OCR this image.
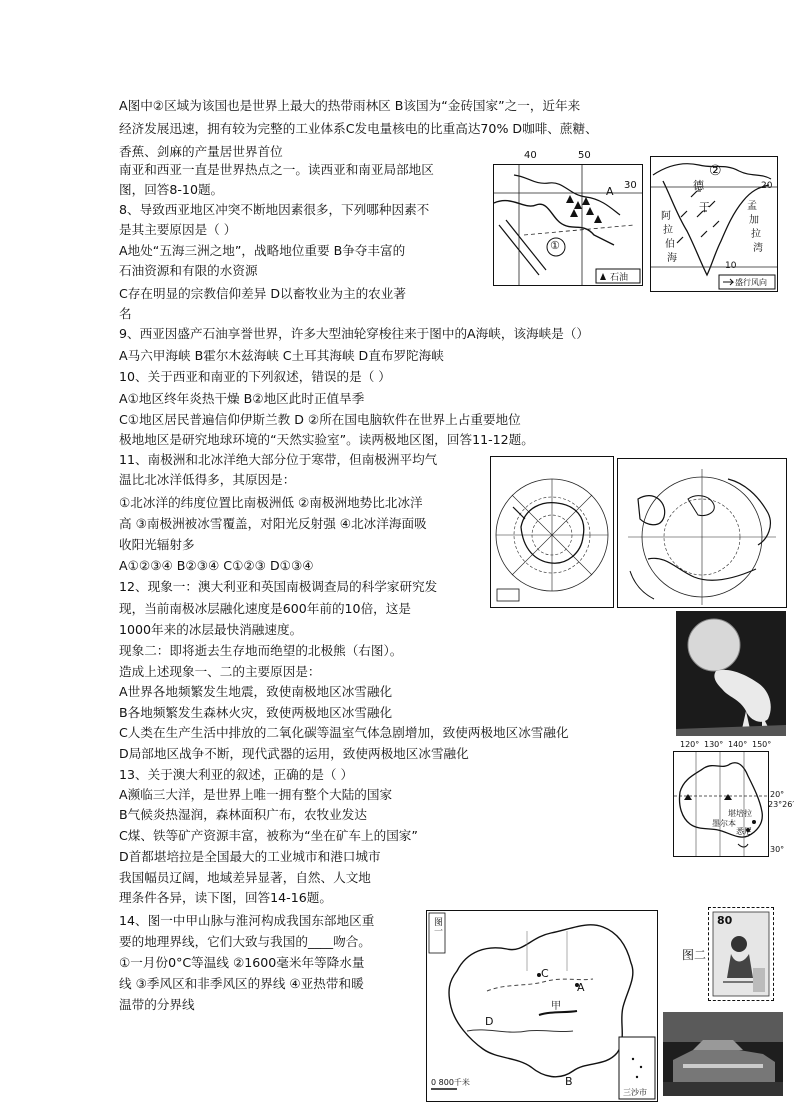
A图中②区域为该国也是世界上最大的热带雨林区 B该国为“金砖国家”之一，近年来
经济发展迅速，拥有较为完整的工业体系C发电量核电的比重高达70% D咖啡、蔗糖、
香蕉、剑麻的产量居世界首位
南亚和西亚一直是世界热点之一。读西亚和南亚局部地区
图，回答8-10题。
8、导致西亚地区冲突不断地因素很多，下列哪种因素不
是其主要原因是（ ）
A地处“五海三洲之地”，战略地位重要 B争夺丰富的
石油资源和有限的水资源
C存在明显的宗教信仰差异 D以畜牧业为主的农业著
名
9、西亚因盛产石油享誉世界，许多大型油轮穿梭往来于图中的A海峡，该海峡是（）
A马六甲海峡 B霍尔木兹海峡 C土耳其海峡 D直布罗陀海峡
10、关于西亚和南亚的下列叙述，错误的是（ ）
A①地区终年炎热干燥 B②地区此时正值旱季
C①地区居民普遍信仰伊斯兰教 D ②所在国电脑软件在世界上占重要地位
极地地区是研究地球环境的“天然实验室”。读两极地区图，回答11-12题。
11、南极洲和北冰洋绝大部分位于寒带，但南极洲平均气
温比北冰洋低得多，其原因是：
①北冰洋的纬度位置比南极洲低 ②南极洲地势比北冰洋
高 ③南极洲被冰雪覆盖，对阳光反射强 ④北冰洋海面吸
收阳光辐射多
A①②③④ B②③④ C①②③ D①③④
12、现象一：澳大利亚和英国南极调查局的科学家研究发
现，当前南极冰层融化速度是600年前的10倍，这是
1000年来的冰层最快消融速度。
现象二：即将逝去生存地而绝望的北极熊（右图）。
造成上述现象一、二的主要原因是：
A世界各地频繁发生地震，致使南极地区冰雪融化
B各地频繁发生森林火灾，致使两极地区冰雪融化
C人类在生产生活中排放的二氧化碳等温室气体急剧增加，致使两极地区冰雪融化
D局部地区战争不断，现代武器的运用，致使两极地区冰雪融化
13、关于澳大利亚的叙述，正确的是（ ）
A濒临三大洋，是世界上唯一拥有整个大陆的国家
B气候炎热湿润，森林面积广布，农牧业发达
C煤、铁等矿产资源丰富，被称为“坐在矿车上的国家”
D首都堪培拉是全国最大的工业城市和港口城市
我国幅员辽阔，地域差异显著，自然、人文地
理条件各异，读下图，回答14-16题。
14、图一中甲山脉与淮河构成我国东部地区重
要的地理界线，它们大致与我国的____吻合。
①一月份0°C等温线 ②1600毫米年等降水量
线 ③季风区和非季风区的界线 ④亚热带和暖
温带的分界线
①
A
石油
40	50
30
②
20
10
阿
拉
伯
海
德
干	孟
加
拉
湾
盛行风向
墨尔本
悉尼
堪培拉
120° 130° 140° 150°
20°
23°26′
30°
图一
A
B
C
D
甲
0 800千米
三沙市
80
图二
